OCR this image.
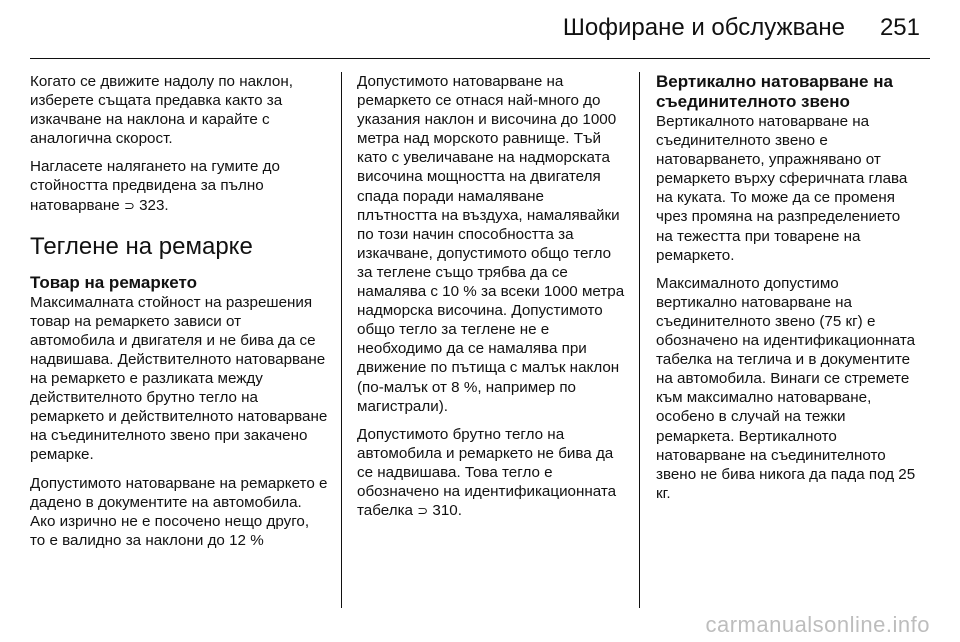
Шофиране и обслужване 251

Когато се движите надолу по наклон, изберете същата предавка както за изкачване на наклона и карайте с аналогична скорост.

Нагласете налягането на гумите до стойността предвидена за пълно натоварване ⊃ 323.

Теглене на ремарке
Товар на ремаркето

Максималната стойност на разрешения товар на ремаркето зависи от автомобила и двигателя и не бива да се надвишава. Действителното натоварване на ремаркето е разликата между действителното брутно тегло на ремаркето и действителното натоварване на съединителното звено при закачено ремарке.

Допустимото натоварване на ремаркето е дадено в документите на автомобила. Ако изрично не е посочено нещо друго, то е валидно за наклони до 12 %

Допустимото натоварване на ремаркето се отнася най-много до указания наклон и височина до 1000 метра над морското равнище. Тъй като с увеличаване на надморската височина мощността на двигателя спада поради намаляване плътността на въздуха, намалявайки по този начин способността за изкачване, допустимото общо тегло за теглене също трябва да се намалява с 10 % за всеки 1000 метра надморска височина. Допустимото общо тегло за теглене не е необходимо да се намалява при движение по пътища с малък наклон (по-малък от 8 %, например по магистрали).

Допустимото брутно тегло на автомобила и ремаркето не бива да се надвишава. Това тегло е обозначено на идентификационната табелка ⊃ 310.

Вертикално натоварване на съединителното звено

Вертикалното натоварване на съединителното звено е натоварването, упражнявано от ремаркето върху сферичната глава на куката. То може да се променя чрез промяна на разпределението на тежестта при товарене на ремаркето.

Максималното допустимо вертикално натоварване на съединителното звено (75 кг) е обозначено на идентификационната табелка на теглича и в документите на автомобила. Винаги се стремете към максимално натоварване, особено в случай на тежки ремаркета. Вертикалното натоварване на съединителното звено не бива никога да пада под 25 кг.

carmanualsonline.info
